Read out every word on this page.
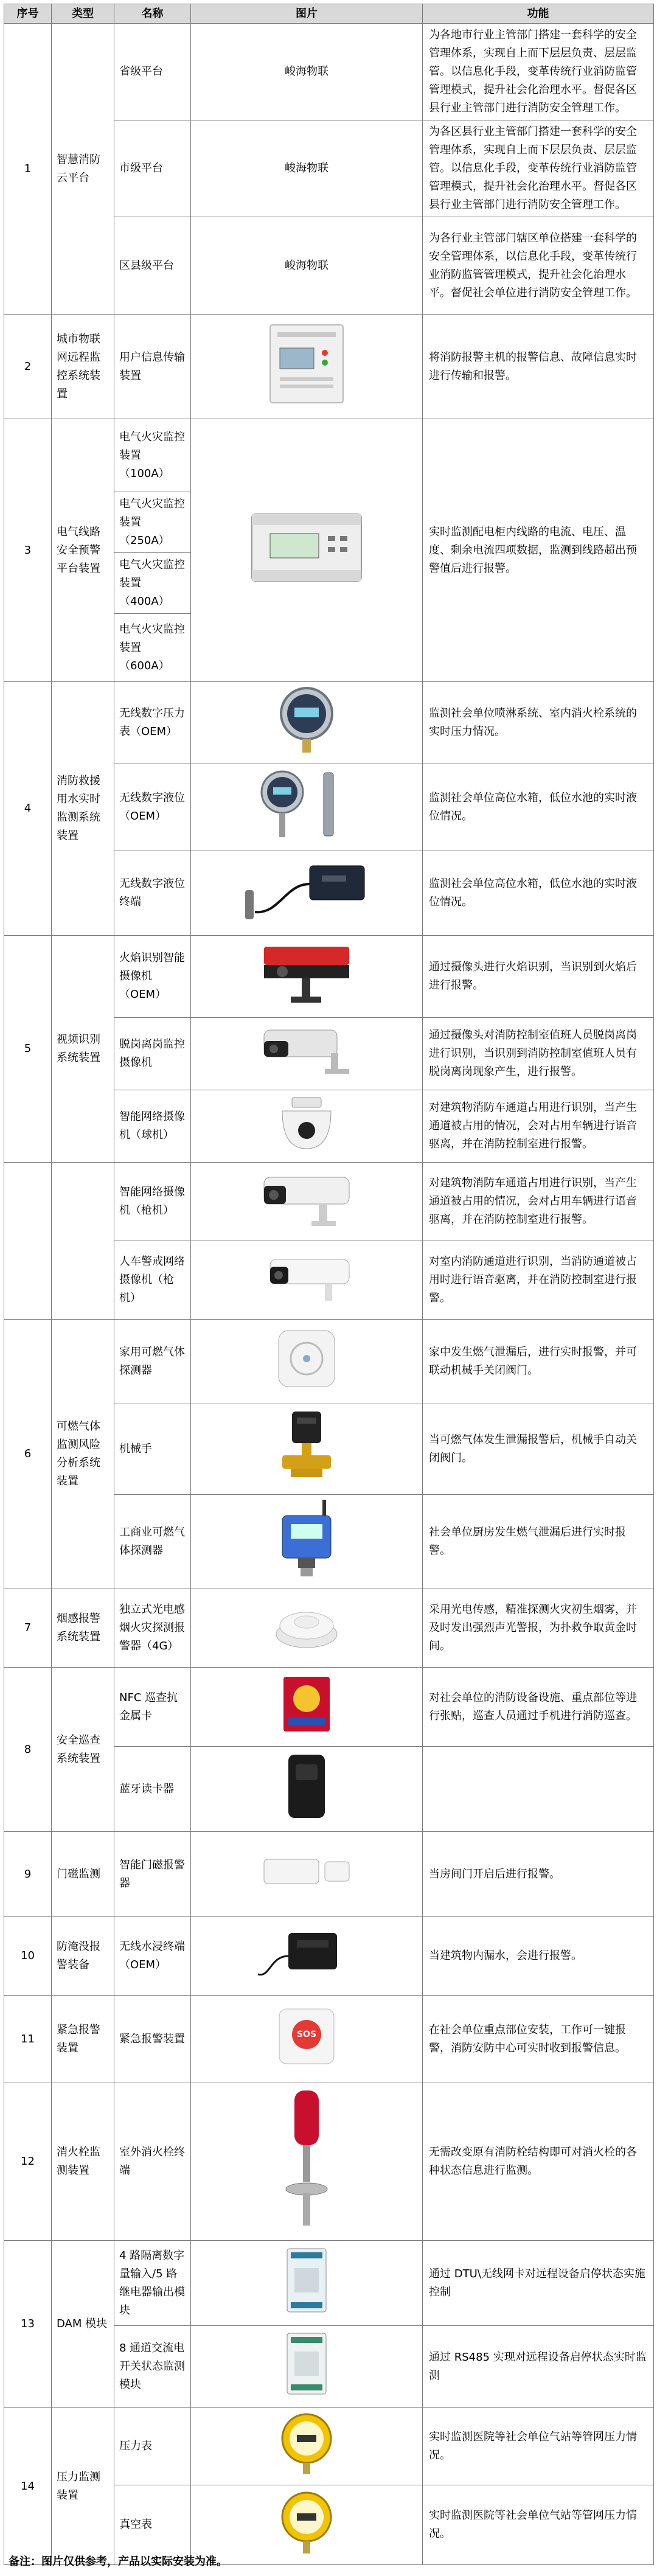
序号	类型	名称	图片	功能
1	智慧消防云平台	省级平台	峻海物联	为各地市行业主管部门搭建一套科学的安全管理体系，实现自上而下层层负责、层层监管。以信息化手段，变革传统行业消防监管管理模式，提升社会化治理水平。督促各区县行业主管部门进行消防安全管理工作。
		市级平台	峻海物联	为各区县行业主管部门搭建一套科学的安全管理体系，实现自上而下层层负责、层层监管。以信息化手段，变革传统行业消防监管管理模式，提升社会化治理水平。督促各区县行业主管部门进行消防安全管理工作。
		区县级平台	峻海物联	为各行业主管部门辖区单位搭建一套科学的安全管理体系，以信息化手段，变革传统行业消防监管管理模式，提升社会化治理水平。督促社会单位进行消防安全管理工作。
2	城市物联网远程监控系统装置	用户信息传输装置		将消防报警主机的报警信息、故障信息实时进行传输和报警。
3	电气线路安全预警平台装置	电气火灾监控装置（100A）		实时监测配电柜内线路的电流、电压、温度、剩余电流四项数据，监测到线路超出预警值后进行报警。
		电气火灾监控装置（250A）		
		电气火灾监控装置（400A）		
		电气火灾监控装置（600A）		
4	消防救援用水实时监测系统装置	无线数字压力表（OEM）		监测社会单位喷淋系统、室内消火栓系统的实时压力情况。
		无线数字液位（OEM）		监测社会单位高位水箱，低位水池的实时液位情况。
		无线数字液位终端		监测社会单位高位水箱，低位水池的实时液位情况。
5	视频识别系统装置	火焰识别智能摄像机（OEM）		通过摄像头进行火焰识别，当识别到火焰后进行报警。
		脱岗离岗监控摄像机		通过摄像头对消防控制室值班人员脱岗离岗进行识别，当识别到消防控制室值班人员有脱岗离岗现象产生，进行报警。
		智能网络摄像机（球机）		对建筑物消防车通道占用进行识别，当产生通道被占用的情况，会对占用车辆进行语音驱离，并在消防控制室进行报警。
		智能网络摄像机（枪机）		对建筑物消防车通道占用进行识别，当产生通道被占用的情况，会对占用车辆进行语音驱离，并在消防控制室进行报警。
		人车警戒网络摄像机（枪机）		对室内消防通道进行识别，当消防通道被占用时进行语音驱离，并在消防控制室进行报警。
6	可燃气体监测风险分析系统装置	家用可燃气体探测器		家中发生燃气泄漏后，进行实时报警，并可联动机械手关闭阀门。
		机械手		当可燃气体发生泄漏报警后，机械手自动关闭阀门。
		工商业可燃气体探测器		社会单位厨房发生燃气泄漏后进行实时报警。
7	烟感报警系统装置	独立式光电感烟火灾探测报警器（4G）		采用光电传感，精准探测火灾初生烟雾，并及时发出强烈声光警报，为扑救争取黄金时间。
8	安全巡查系统装置	NFC 巡查抗金属卡		对社会单位的消防设备设施、重点部位等进行张贴，巡查人员通过手机进行消防巡查。
		蓝牙读卡器	

9	门磁监测	智能门磁报警器		当房间门开启后进行报警。
10	防淹没报警装备	无线水浸终端（OEM）		当建筑物内漏水，会进行报警。
11	紧急报警装置	紧急报警装置	SOS	在社会单位重点部位安装，工作可一键报警，消防安防中心可实时收到报警信息。
12	消火栓监测装置	室外消火栓终端		无需改变原有消防栓结构即可对消火栓的各种状态信息进行监测。
13	DAM 模块	4 路隔离数字量输入/5 路继电器输出模块		通过 DTU\无线网卡对远程设备启停状态实施控制
		8 通道交流电开关状态监测模块		通过 RS485 实现对远程设备启停状态实时监测
14	压力监测装置	压力表		实时监测医院等社会单位气站等管网压力情况。
		真空表		实时监测医院等社会单位气站等管网压力情况。
备注：图片仅供参考，产品以实际安装为准。
